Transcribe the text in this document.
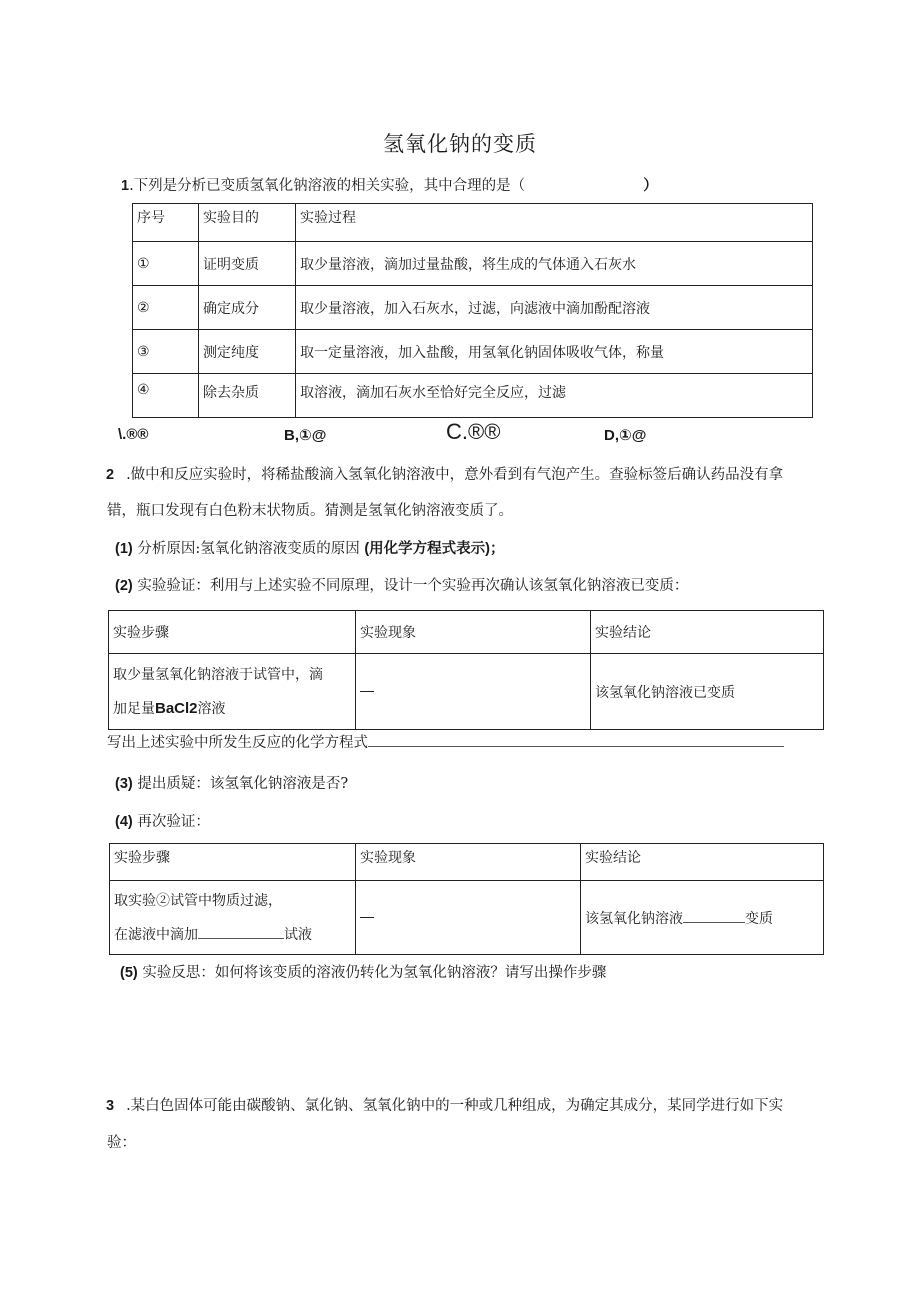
氢氧化钠的变质
1.下列是分析已变质氢氧化钠溶液的相关实验，其中合理的是（	）
序号	实验目的	实验过程
①	证明变质	取少量溶液，滴加过量盐酸，将生成的气体通入石灰水
②	确定成分	取少量溶液，加入石灰水，过滤，向滤液中滴加酚配溶液
③	测定纯度	取一定量溶液，加入盐酸，用氢氧化钠固体吸收气体，称量
④	除去杂质	取溶液，滴加石灰水至恰好完全反应，过滤
\.®®	B,①@	C.®®	D,①@
2 .做中和反应实验时，将稀盐酸滴入氢氧化钠溶液中，意外看到有气泡产生。查验标签后确认药品没有拿
错，瓶口发现有白色粉末状物质。猜测是氢氧化钠溶液变质了。
(1) 分析原因:氢氧化钠溶液变质的原因 (用化学方程式表示)；
(2) 实验验证：利用与上述实验不同原理，设计一个实验再次确认该氢氧化钠溶液已变质：
实验步骤	实验现象	实验结论

取少量氢氧化钠溶液于试管中，滴
加足量BaCl2溶液		该氢氧化钠溶液已变质
写出上述实验中所发生反应的化学方程式
(3) 提出质疑：该氢氧化钠溶液是否?
(4) 再次验证：
实验步骤	实验现象	实验结论

取实验②试管中物质过滤，
在滤液中滴加 试液		该氢氧化钠溶液 变质
(5) 实验反思：如何将该变质的溶液仍转化为氢氧化钠溶液？请写出操作步骤
3 .某白色固体可能由碳酸钠、氯化钠、氢氧化钠中的一种或几种组成，为确定其成分，某同学进行如下实
验：
